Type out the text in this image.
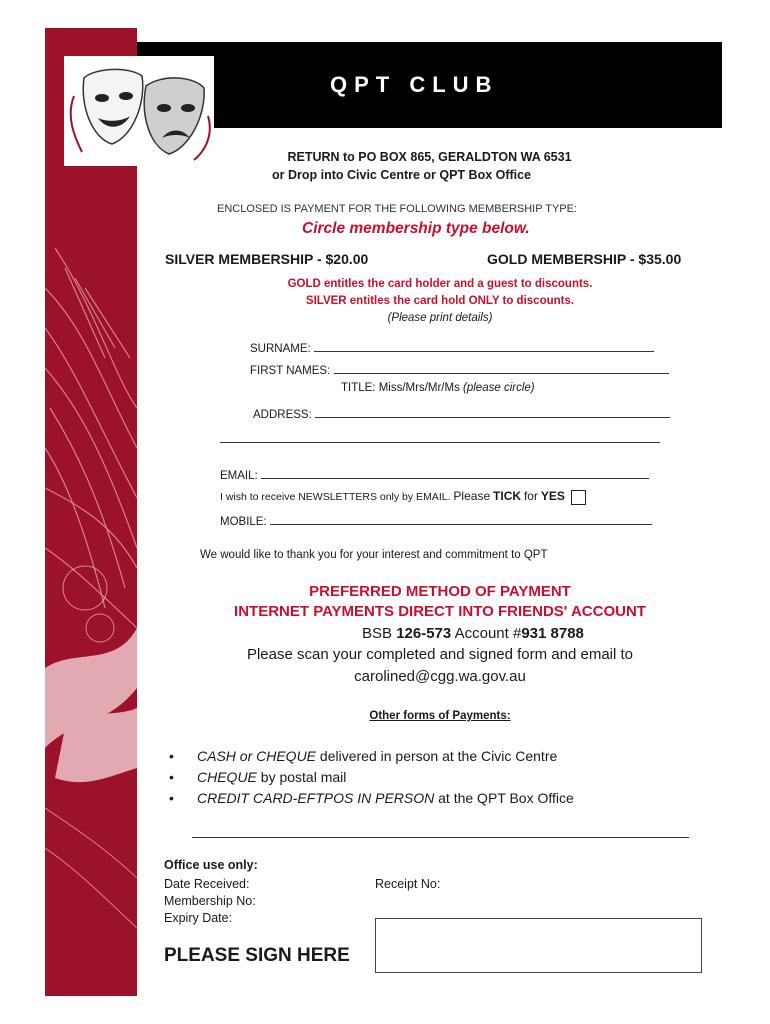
QPT CLUB
RETURN to PO BOX 865, GERALDTON WA 6531
or Drop into Civic Centre or QPT Box Office
ENCLOSED IS PAYMENT FOR THE FOLLOWING MEMBERSHIP TYPE:
Circle membership type below.
SILVER MEMBERSHIP - $20.00	GOLD MEMBERSHIP - $35.00
GOLD entitles the card holder and a guest to discounts.
SILVER entitles the card hold ONLY to discounts.
(Please print details)
SURNAME:
FIRST NAMES:
TITLE: Miss/Mrs/Mr/Ms (please circle)
ADDRESS:
EMAIL:
I wish to receive NEWSLETTERS only by EMAIL. Please TICK for YES
MOBILE:
We would like to thank you for your interest and commitment to QPT
PREFERRED METHOD OF PAYMENT
INTERNET PAYMENTS DIRECT INTO FRIENDS' ACCOUNT
BSB 126-573 Account #931 8788
Please scan your completed and signed form and email to
carolined@cgg.wa.gov.au
Other forms of Payments:
• CASH or CHEQUE delivered in person at the Civic Centre
• CHEQUE by postal mail
• CREDIT CARD-EFTPOS IN PERSON at the QPT Box Office
Office use only:
Date Received:	Receipt No:
Membership No:
Expiry Date:
PLEASE SIGN HERE
